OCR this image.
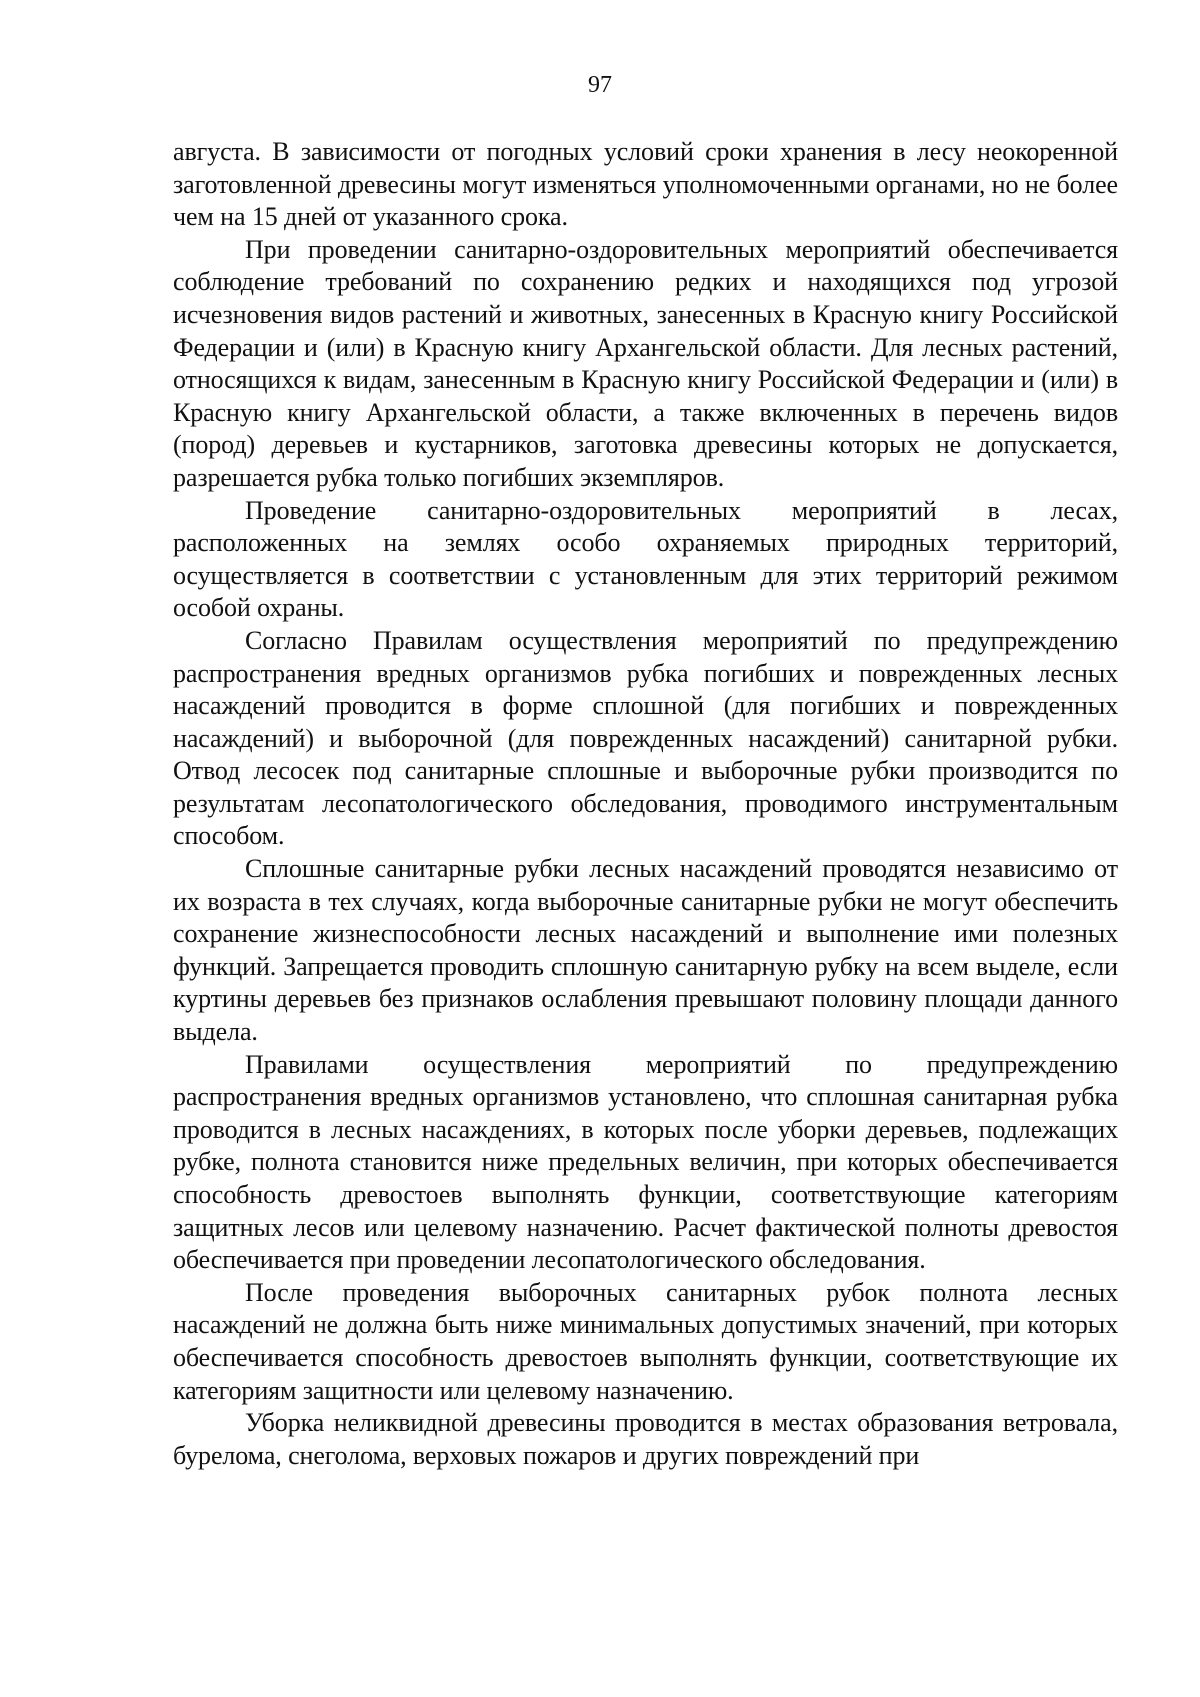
97

августа. В зависимости от погодных условий сроки хранения в лесу неокоренной заготовленной древесины могут изменяться уполномоченными органами, но не более чем на 15 дней от указанного срока.

При проведении санитарно-оздоровительных мероприятий обеспечивается соблюдение требований по сохранению редких и находящихся под угрозой исчезновения видов растений и животных, занесенных в Красную книгу Российской Федерации и (или) в Красную книгу Архангельской области. Для лесных растений, относящихся к видам, занесенным в Красную книгу Российской Федерации и (или) в Красную книгу Архангельской области, а также включенных в перечень видов (пород) деревьев и кустарников, заготовка древесины которых не допускается, разрешается рубка только погибших экземпляров.

Проведение санитарно-оздоровительных мероприятий в лесах, расположенных на землях особо охраняемых природных территорий, осуществляется в соответствии с установленным для этих территорий режимом особой охраны.

Согласно Правилам осуществления мероприятий по предупреждению распространения вредных организмов рубка погибших и поврежденных лесных насаждений проводится в форме сплошной (для погибших и поврежденных насаждений) и выборочной (для поврежденных насаждений) санитарной рубки. Отвод лесосек под санитарные сплошные и выборочные рубки производится по результатам лесопатологического обследования, проводимого инструментальным способом.

Сплошные санитарные рубки лесных насаждений проводятся независимо от их возраста в тех случаях, когда выборочные санитарные рубки не могут обеспечить сохранение жизнеспособности лесных насаждений и выполнение ими полезных функций. Запрещается проводить сплошную санитарную рубку на всем выделе, если куртины деревьев без признаков ослабления превышают половину площади данного выдела.

Правилами осуществления мероприятий по предупреждению распространения вредных организмов установлено, что сплошная санитарная рубка проводится в лесных насаждениях, в которых после уборки деревьев, подлежащих рубке, полнота становится ниже предельных величин, при которых обеспечивается способность древостоев выполнять функции, соответствующие категориям защитных лесов или целевому назначению. Расчет фактической полноты древостоя обеспечивается при проведении лесопатологического обследования.

После проведения выборочных санитарных рубок полнота лесных насаждений не должна быть ниже минимальных допустимых значений, при которых обеспечивается способность древостоев выполнять функции, соответствующие их категориям защитности или целевому назначению.

Уборка неликвидной древесины проводится в местах образования ветровала, бурелома, снеголома, верховых пожаров и других повреждений при
